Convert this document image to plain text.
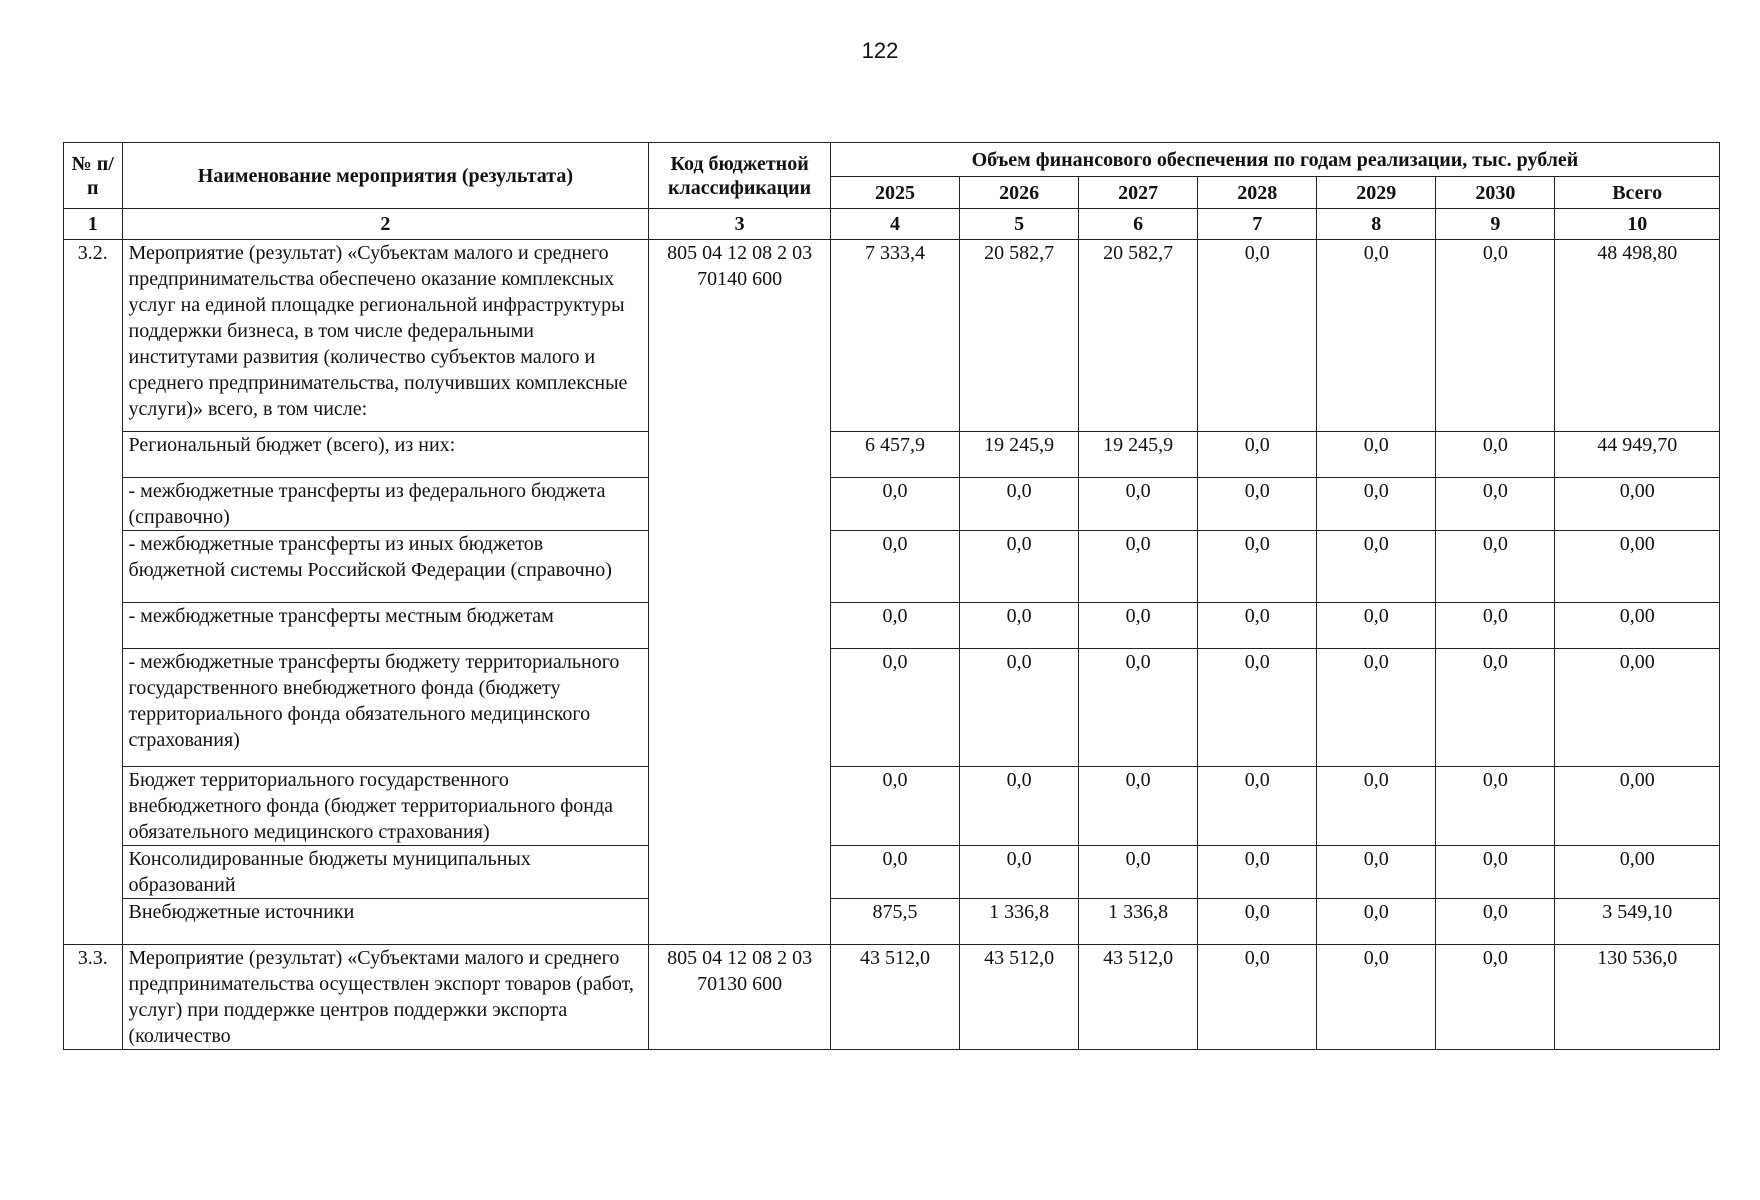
122
№ п/п	Наименование мероприятия (результата)	Код бюджетной классификации	Объем финансового обеспечения по годам реализации, тыс. рублей						
			2025	2026	2027	2028	2029	2030	Всего
1	2	3	4	5	6	7	8	9	10
3.2.	Мероприятие (результат) «Субъектам малого и среднего предпринимательства обеспечено оказание комплексных услуг на единой площадке региональной инфраструктуры поддержки бизнеса, в том числе федеральными институтами развития (количество субъектов малого и среднего предпринимательства, получивших комплексные услуги)» всего, в том числе:	805 04 12 08 2 03 70140 600	7 333,4	20 582,7	20 582,7	0,0	0,0	0,0	48 498,80
	Региональный бюджет (всего), из них:		6 457,9	19 245,9	19 245,9	0,0	0,0	0,0	44 949,70
	- межбюджетные трансферты из федерального бюджета (справочно)		0,0	0,0	0,0	0,0	0,0	0,0	0,00
	- межбюджетные трансферты из иных бюджетов бюджетной системы Российской Федерации (справочно)		0,0	0,0	0,0	0,0	0,0	0,0	0,00
	- межбюджетные трансферты местным бюджетам		0,0	0,0	0,0	0,0	0,0	0,0	0,00
	- межбюджетные трансферты бюджету территориального государственного внебюджетного фонда (бюджету территориального фонда обязательного медицинского страхования)		0,0	0,0	0,0	0,0	0,0	0,0	0,00
	Бюджет территориального государственного внебюджетного фонда (бюджет территориального фонда обязательного медицинского страхования)		0,0	0,0	0,0	0,0	0,0	0,0	0,00
	Консолидированные бюджеты муниципальных образований		0,0	0,0	0,0	0,0	0,0	0,0	0,00
	Внебюджетные источники		875,5	1 336,8	1 336,8	0,0	0,0	0,0	3 549,10
3.3.	Мероприятие (результат) «Субъектами малого и среднего предпринимательства осуществлен экспорт товаров (работ, услуг) при поддержке центров поддержки экспорта (количество	805 04 12 08 2 03 70130 600	43 512,0	43 512,0	43 512,0	0,0	0,0	0,0	130 536,0
